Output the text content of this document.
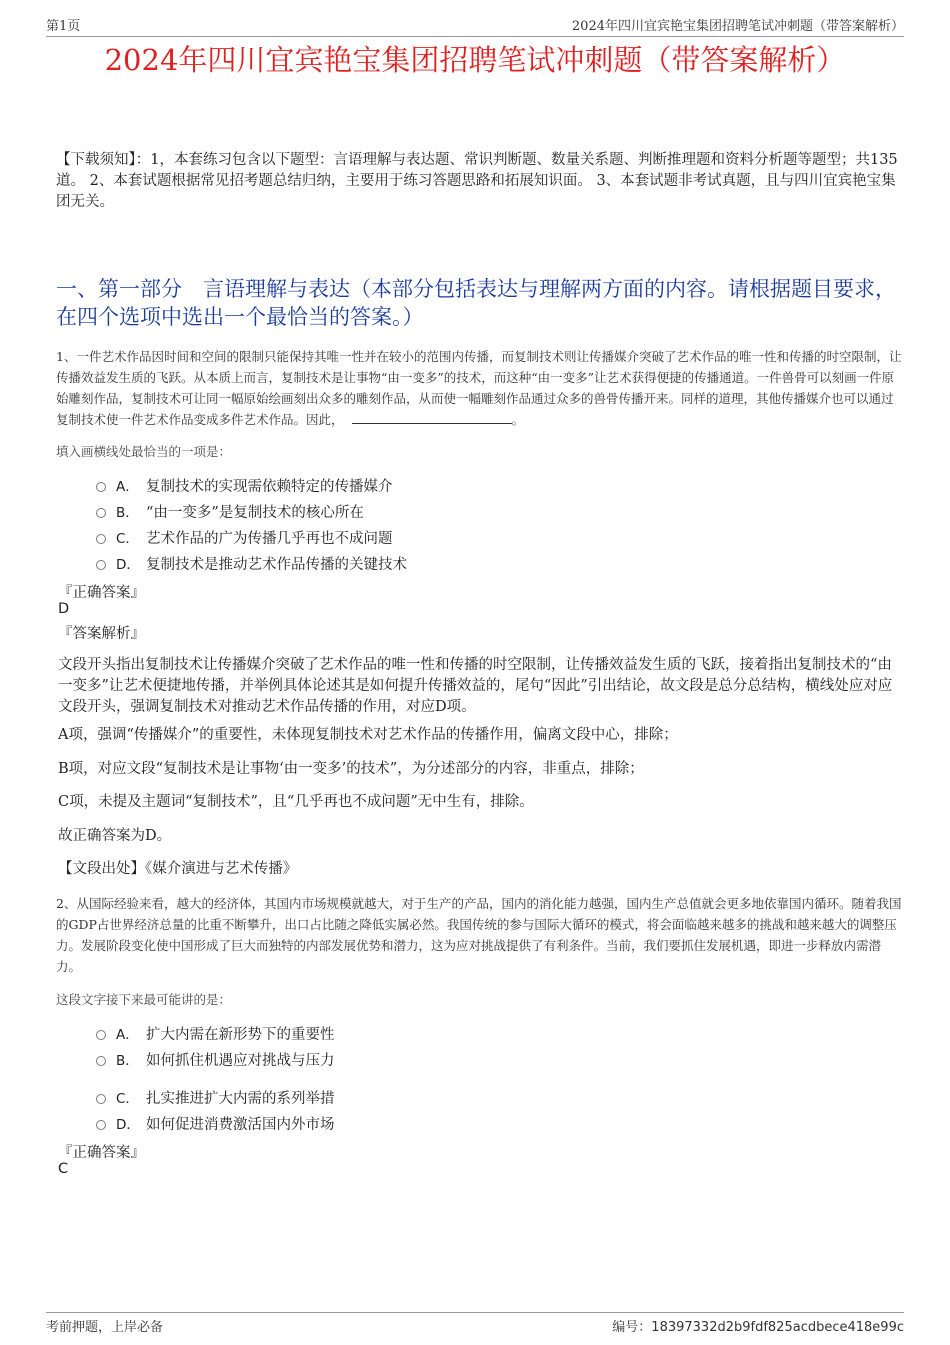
第1页	2024年四川宜宾艳宝集团招聘笔试冲刺题（带答案解析）
2024年四川宜宾艳宝集团招聘笔试冲刺题（带答案解析）
【下载须知】：1，本套练习包含以下题型：言语理解与表达题、常识判断题、数量关系题、判断推理题和资料分析题等题型；共135道。 2、本套试题根据常见招考题总结归纳，主要用于练习答题思路和拓展知识面。 3、本套试题非考试真题，且与四川宜宾艳宝集团无关。
一、第一部分　言语理解与表达（本部分包括表达与理解两方面的内容。请根据题目要求，在四个选项中选出一个最恰当的答案。）
1、一件艺术作品因时间和空间的限制只能保持其唯一性并在较小的范围内传播，而复制技术则让传播媒介突破了艺术作品的唯一性和传播的时空限制，让传播效益发生质的飞跃。从本质上而言，复制技术是让事物“由一变多”的技术，而这种“由一变多”让艺术获得便捷的传播通道。一件兽骨可以刻画一件原始雕刻作品，复制技术可让同一幅原始绘画刻出众多的雕刻作品，从而使一幅雕刻作品通过众多的兽骨传播开来。同样的道理，其他传播媒介也可以通过复制技术使一件艺术作品变成多件艺术作品。因此，	。
填入画横线处最恰当的一项是：
A． 复制技术的实现需依赖特定的传播媒介
B． “由一变多”是复制技术的核心所在
C． 艺术作品的广为传播几乎再也不成问题
D． 复制技术是推动艺术作品传播的关键技术
『正确答案』
D
『答案解析』
文段开头指出复制技术让传播媒介突破了艺术作品的唯一性和传播的时空限制，让传播效益发生质的飞跃，接着指出复制技术的“由一变多”让艺术便捷地传播，并举例具体论述其是如何提升传播效益的，尾句“因此”引出结论，故文段是总分总结构，横线处应对应文段开头，强调复制技术对推动艺术作品传播的作用，对应D项。
A项，强调“传播媒介”的重要性，未体现复制技术对艺术作品的传播作用，偏离文段中心，排除；
B项，对应文段“复制技术是让事物‘由一变多’的技术”，为分述部分的内容，非重点，排除；
C项，未提及主题词“复制技术”，且“几乎再也不成问题”无中生有，排除。
故正确答案为D。
【文段出处】《媒介演进与艺术传播》
2、从国际经验来看，越大的经济体，其国内市场规模就越大，对于生产的产品，国内的消化能力越强，国内生产总值就会更多地依靠国内循环。随着我国的GDP占世界经济总量的比重不断攀升，出口占比随之降低实属必然。我国传统的参与国际大循环的模式，将会面临越来越多的挑战和越来越大的调整压力。发展阶段变化使中国形成了巨大而独特的内部发展优势和潜力，这为应对挑战提供了有利条件。当前，我们要抓住发展机遇，即进一步释放内需潜力。
这段文字接下来最可能讲的是：
A． 扩大内需在新形势下的重要性
B． 如何抓住机遇应对挑战与压力
C． 扎实推进扩大内需的系列举措
D． 如何促进消费激活国内外市场
『正确答案』
C
考前押题，上岸必备	编号：18397332d2b9fdf825acdbece418e99c
